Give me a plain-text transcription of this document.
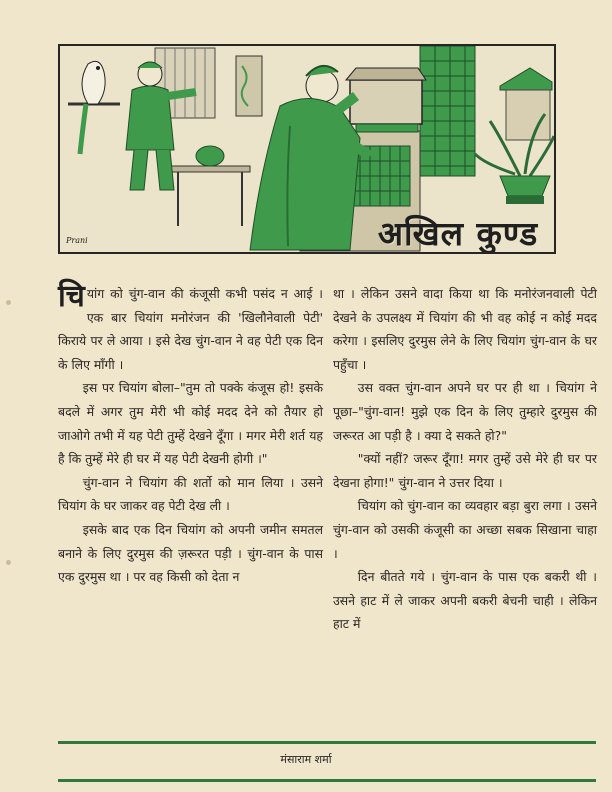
अखिल कुण्ड
Prani

चियांग को चुंग-वान की कंजूसी कभी पसंद न आई । एक बार चियांग मनोरंजन की 'खिलौनेवाली पेटी' किराये पर ले आया । इसे देख चुंग-वान ने वह पेटी एक दिन के लिए माँगी ।

इस पर चियांग बोला–"तुम तो पक्के कंजूस हो! इसके बदले में अगर तुम मेरी भी कोई मदद देने को तैयार हो जाओगे तभी में यह पेटी तुम्हें देखने दूँगा । मगर मेरी शर्त यह है कि तुम्हें मेरे ही घर में यह पेटी देखनी होगी ।"

चुंग-वान ने चियांग की शर्तो को मान लिया । उसने चियांग के घर जाकर वह पेटी देख ली ।

इसके बाद एक दिन चियांग को अपनी जमीन समतल बनाने के लिए दुरमुस की ज़रूरत पड़ी । चुंग-वान के पास एक दुरमुस था । पर वह किसी को देता न

था । लेकिन उसने वादा किया था कि मनोरंजनवाली पेटी देखने के उपलक्ष्य में चियांग की भी वह कोई न कोई मदद करेगा । इसलिए दुरमुस लेने के लिए चियांग चुंग-वान के घर पहुँचा ।

उस वक्त चुंग-वान अपने घर पर ही था । चियांग ने पूछा–"चुंग-वान! मुझे एक दिन के लिए तुम्हारे दुरमुस की जरूरत आ पड़ी है । क्या दे सकते हो?"

"क्यों नहीं? जरूर दूँगा! मगर तुम्हें उसे मेरे ही घर पर देखना होगा!" चुंग-वान ने उत्तर दिया ।

चियांग को चुंग-वान का व्यवहार बड़ा बुरा लगा । उसने चुंग-वान को उसकी कंजूसी का अच्छा सबक सिखाना चाहा ।

दिन बीतते गये । चुंग-वान के पास एक बकरी थी । उसने हाट में ले जाकर अपनी बकरी बेचनी चाही । लेकिन हाट में

मंसाराम शर्मा
